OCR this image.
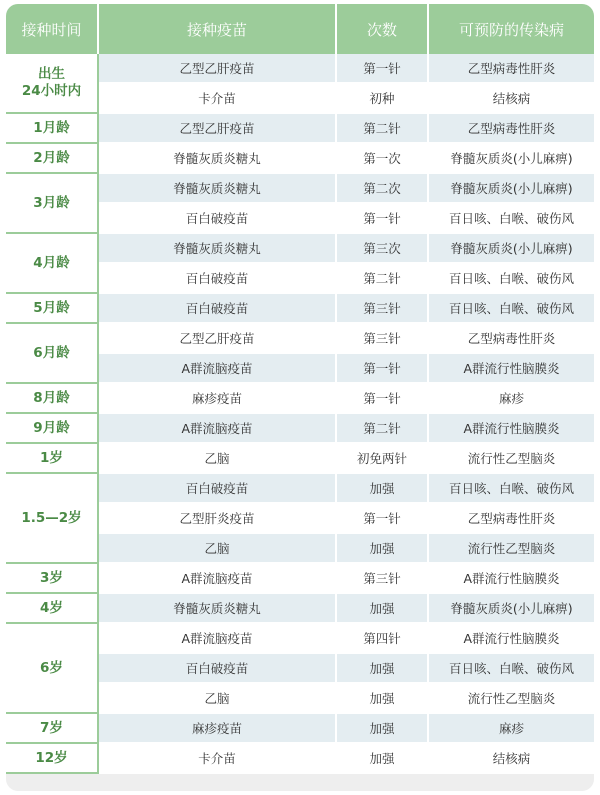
接种时间	接种疫苗	次数	可预防的传染病
出生
24小时内	乙型乙肝疫苗	第一针	乙型病毒性肝炎
	卡介苗	初种	结核病
1月龄	乙型乙肝疫苗	第二针	乙型病毒性肝炎
2月龄	脊髓灰质炎糖丸	第一次	脊髓灰质炎(小儿麻痹)
3月龄	脊髓灰质炎糖丸	第二次	脊髓灰质炎(小儿麻痹)
	百白破疫苗	第一针	百日咳、白喉、破伤风
4月龄	脊髓灰质炎糖丸	第三次	脊髓灰质炎(小儿麻痹)
	百白破疫苗	第二针	百日咳、白喉、破伤风
5月龄	百白破疫苗	第三针	百日咳、白喉、破伤风
6月龄	乙型乙肝疫苗	第三针	乙型病毒性肝炎
	A群流脑疫苗	第一针	A群流行性脑膜炎
8月龄	麻疹疫苗	第一针	麻疹
9月龄	A群流脑疫苗	第二针	A群流行性脑膜炎
1岁	乙脑	初免两针	流行性乙型脑炎
1.5—2岁	百白破疫苗	加强	百日咳、白喉、破伤风
	乙型肝炎疫苗	第一针	乙型病毒性肝炎
	乙脑	加强	流行性乙型脑炎
3岁	A群流脑疫苗	第三针	A群流行性脑膜炎
4岁	脊髓灰质炎糖丸	加强	脊髓灰质炎(小儿麻痹)
6岁	A群流脑疫苗	第四针	A群流行性脑膜炎
	百白破疫苗	加强	百日咳、白喉、破伤风
	乙脑	加强	流行性乙型脑炎
7岁	麻疹疫苗	加强	麻疹
12岁	卡介苗	加强	结核病
